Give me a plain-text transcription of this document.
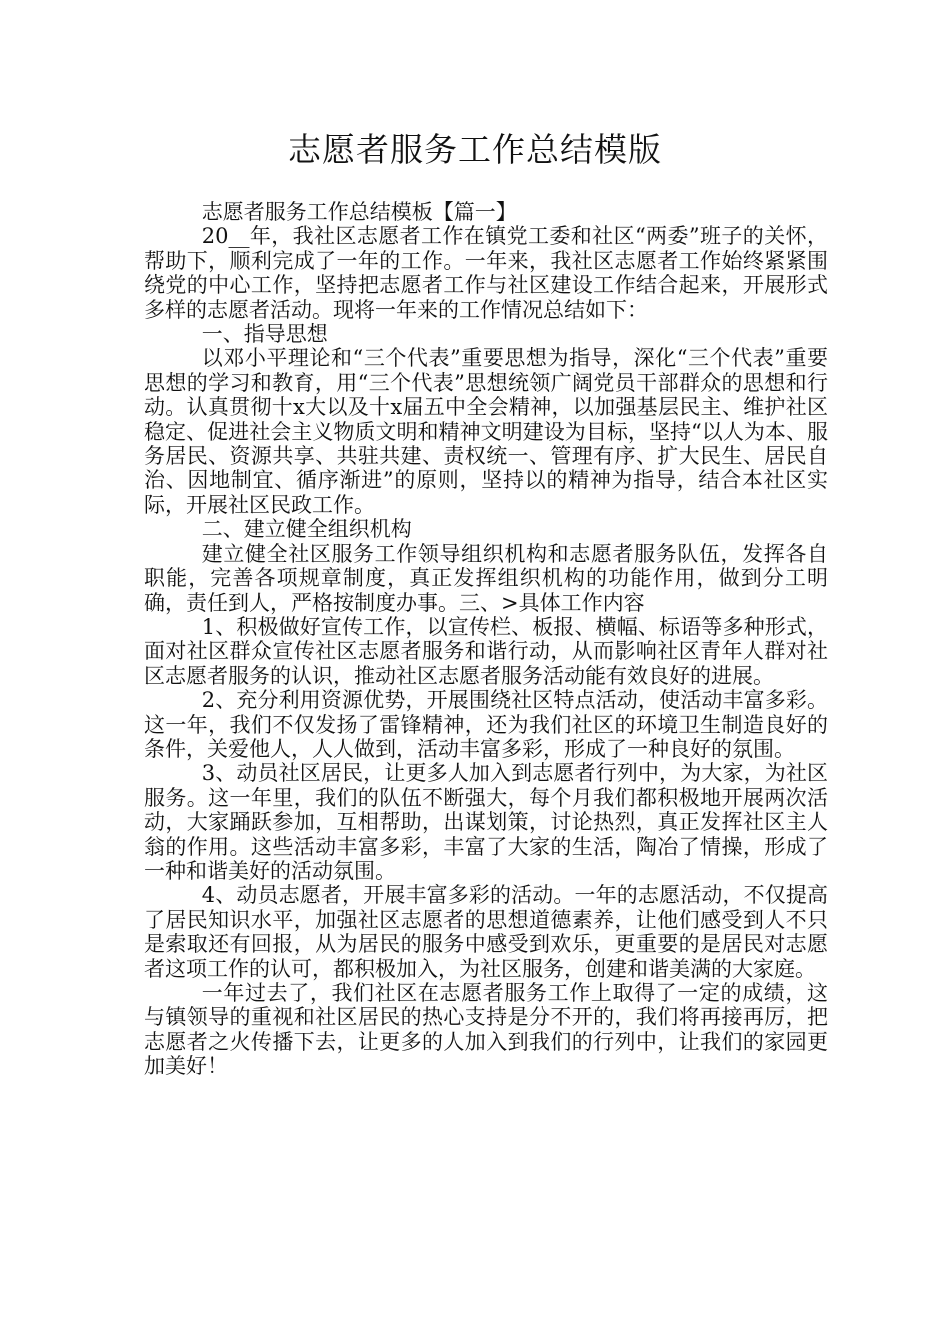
志愿者服务工作总结模版

志愿者服务工作总结模板【篇一】

20__年，我社区志愿者工作在镇党工委和社区“两委”班子的关怀，帮助下，顺利完成了一年的工作。一年来，我社区志愿者工作始终紧紧围绕党的中心工作，坚持把志愿者工作与社区建设工作结合起来，开展形式多样的志愿者活动。现将一年来的工作情况总结如下：

一、指导思想

以邓小平理论和“三个代表”重要思想为指导，深化“三个代表”重要思想的学习和教育，用“三个代表”思想统领广阔党员干部群众的思想和行动。认真贯彻十x大以及十x届五中全会精神，以加强基层民主、维护社区稳定、促进社会主义物质文明和精神文明建设为目标，坚持“以人为本、服务居民、资源共享、共驻共建、责权统一、管理有序、扩大民生、居民自治、因地制宜、循序渐进”的原则，坚持以的精神为指导，结合本社区实际，开展社区民政工作。

二、建立健全组织机构

建立健全社区服务工作领导组织机构和志愿者服务队伍，发挥各自职能，完善各项规章制度，真正发挥组织机构的功能作用，做到分工明确，责任到人，严格按制度办事。三、>具体工作内容

1、积极做好宣传工作，以宣传栏、板报、横幅、标语等多种形式，面对社区群众宣传社区志愿者服务和谐行动，从而影响社区青年人群对社区志愿者服务的认识，推动社区志愿者服务活动能有效良好的进展。

2、充分利用资源优势，开展围绕社区特点活动，使活动丰富多彩。这一年，我们不仅发扬了雷锋精神，还为我们社区的环境卫生制造良好的条件，关爱他人，人人做到，活动丰富多彩，形成了一种良好的氛围。

3、动员社区居民，让更多人加入到志愿者行列中，为大家，为社区服务。这一年里，我们的队伍不断强大，每个月我们都积极地开展两次活动，大家踊跃参加，互相帮助，出谋划策，讨论热烈，真正发挥社区主人翁的作用。这些活动丰富多彩，丰富了大家的生活，陶冶了情操，形成了一种和谐美好的活动氛围。

4、动员志愿者，开展丰富多彩的活动。一年的志愿活动，不仅提高了居民知识水平，加强社区志愿者的思想道德素养，让他们感受到人不只是索取还有回报，从为居民的服务中感受到欢乐，更重要的是居民对志愿者这项工作的认可，都积极加入，为社区服务，创建和谐美满的大家庭。

一年过去了，我们社区在志愿者服务工作上取得了一定的成绩，这与镇领导的重视和社区居民的热心支持是分不开的，我们将再接再厉，把志愿者之火传播下去，让更多的人加入到我们的行列中，让我们的家园更加美好！
